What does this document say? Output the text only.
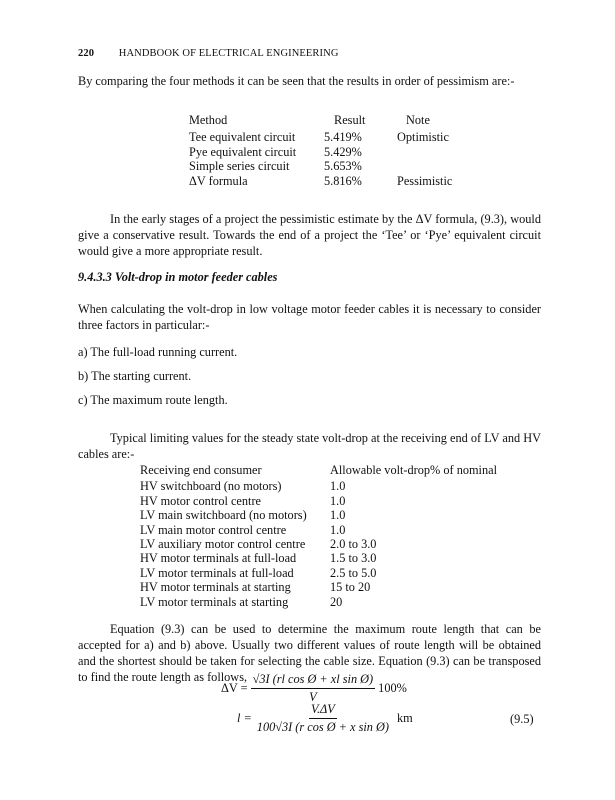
220 HANDBOOK OF ELECTRICAL ENGINEERING
By comparing the four methods it can be seen that the results in order of pessimism are:-
Method	Result	Note

Tee equivalent circuit	5.419%	Optimistic
Pye equivalent circuit	5.429%	
Simple series circuit	5.653%	
ΔV formula	5.816%	Pessimistic
In the early stages of a project the pessimistic estimate by the ΔV formula, (9.3), would give a conservative result. Towards the end of a project the ‘Tee’ or ‘Pye’ equivalent circuit would give a more appropriate result.
9.4.3.3 Volt-drop in motor feeder cables
When calculating the volt-drop in low voltage motor feeder cables it is necessary to consider three factors in particular:-
a) The full-load running current.
b) The starting current.
c) The maximum route length.
Typical limiting values for the steady state volt-drop at the receiving end of LV and HV cables are:-
Receiving end consumer	Allowable volt-drop% of nominal

HV switchboard (no motors)	1.0
HV motor control centre	1.0
LV main switchboard (no motors)	1.0
LV main motor control centre	1.0
LV auxiliary motor control centre	2.0 to 3.0
HV motor terminals at full-load	1.5 to 3.0
LV motor terminals at full-load	2.5 to 5.0
HV motor terminals at starting	15 to 20
LV motor terminals at starting	20
Equation (9.3) can be used to determine the maximum route length that can be accepted for a) and b) above. Usually two different values of route length will be obtained and the shortest should be taken for selecting the cable size. Equation (9.3) can be transposed to find the route length as follows,
$\Delta V = \frac{\text{√3I (rl cos Ø + xl sin Ø)}}{V} 100\%$
$l = \frac{V.\Delta V}{\text{100√3I (r cos Ø + x sin Ø)}}$ km	(9.5)
